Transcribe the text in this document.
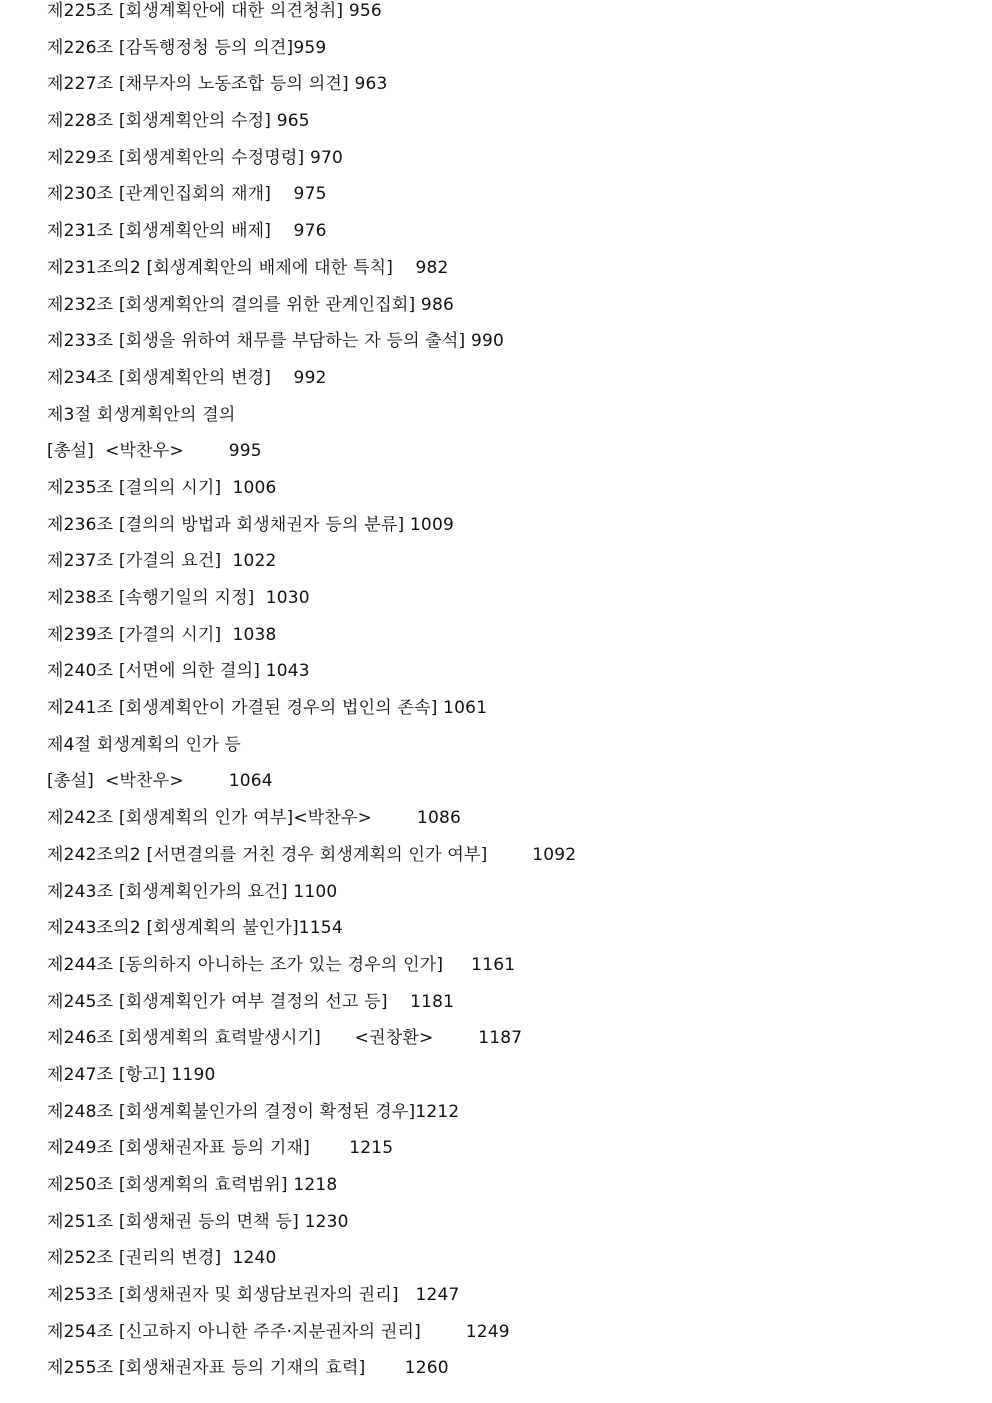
제225조 [회생계획안에 대한 의견청취] 956
제226조 [감독행정청 등의 의견]959
제227조 [채무자의 노동조합 등의 의견] 963
제228조 [회생계획안의 수정] 965
제229조 [회생계획안의 수정명령] 970
제230조 [관계인집회의 재개]    975
제231조 [회생계획안의 배제]    976
제231조의2 [회생계획안의 배제에 대한 특칙]    982
제232조 [회생계획안의 결의를 위한 관계인집회] 986
제233조 [회생을 위하여 채무를 부담하는 자 등의 출석] 990
제234조 [회생계획안의 변경]    992
제3절 회생계획안의 결의
[총설]  <박찬우>        995
제235조 [결의의 시기]  1006
제236조 [결의의 방법과 회생채권자 등의 분류] 1009
제237조 [가결의 요건]  1022
제238조 [속행기일의 지정]  1030
제239조 [가결의 시기]  1038
제240조 [서면에 의한 결의] 1043
제241조 [회생계획안이 가결된 경우의 법인의 존속] 1061
제4절 회생계획의 인가 등
[총설]  <박찬우>        1064
제242조 [회생계획의 인가 여부]<박찬우>        1086
제242조의2 [서면결의를 거친 경우 회생계획의 인가 여부]        1092
제243조 [회생계획인가의 요건] 1100
제243조의2 [회생계획의 불인가]1154
제244조 [동의하지 아니하는 조가 있는 경우의 인가]     1161
제245조 [회생계획인가 여부 결정의 선고 등]    1181
제246조 [회생계획의 효력발생시기]      <권창환>        1187
제247조 [항고] 1190
제248조 [회생계획불인가의 결정이 확정된 경우]1212
제249조 [회생채권자표 등의 기재]       1215
제250조 [회생계획의 효력범위] 1218
제251조 [회생채권 등의 면책 등] 1230
제252조 [권리의 변경]  1240
제253조 [회생채권자 및 회생담보권자의 권리]   1247
제254조 [신고하지 아니한 주주·지분권자의 권리]        1249
제255조 [회생채권자표 등의 기재의 효력]       1260
